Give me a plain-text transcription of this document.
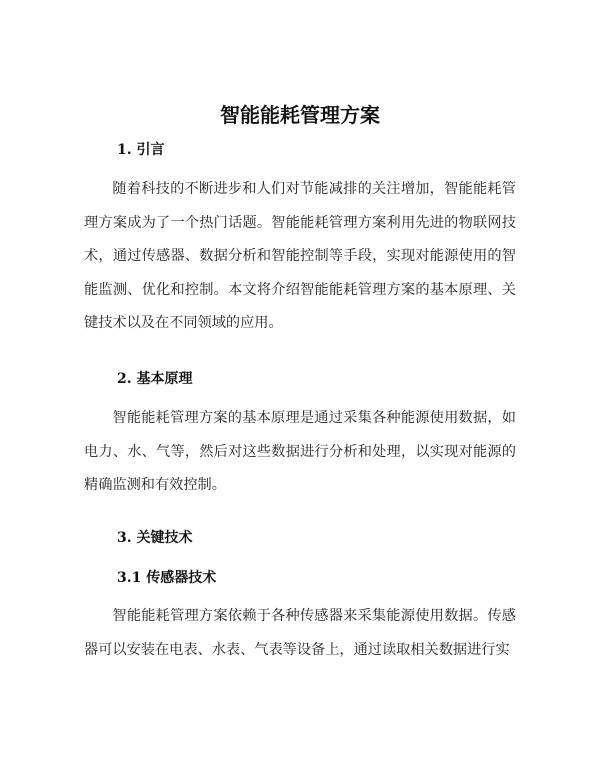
智能能耗管理方案
1. 引言

随着科技的不断进步和人们对节能减排的关注增加，智能能耗管理方案成为了一个热门话题。智能能耗管理方案利用先进的物联网技术，通过传感器、数据分析和智能控制等手段，实现对能源使用的智能监测、优化和控制。本文将介绍智能能耗管理方案的基本原理、关键技术以及在不同领域的应用。

2. 基本原理

智能能耗管理方案的基本原理是通过采集各种能源使用数据，如电力、水、气等，然后对这些数据进行分析和处理，以实现对能源的精确监测和有效控制。

3. 关键技术
3.1 传感器技术

智能能耗管理方案依赖于各种传感器来采集能源使用数据。传感器可以安装在电表、水表、气表等设备上，通过读取相关数据进行实
